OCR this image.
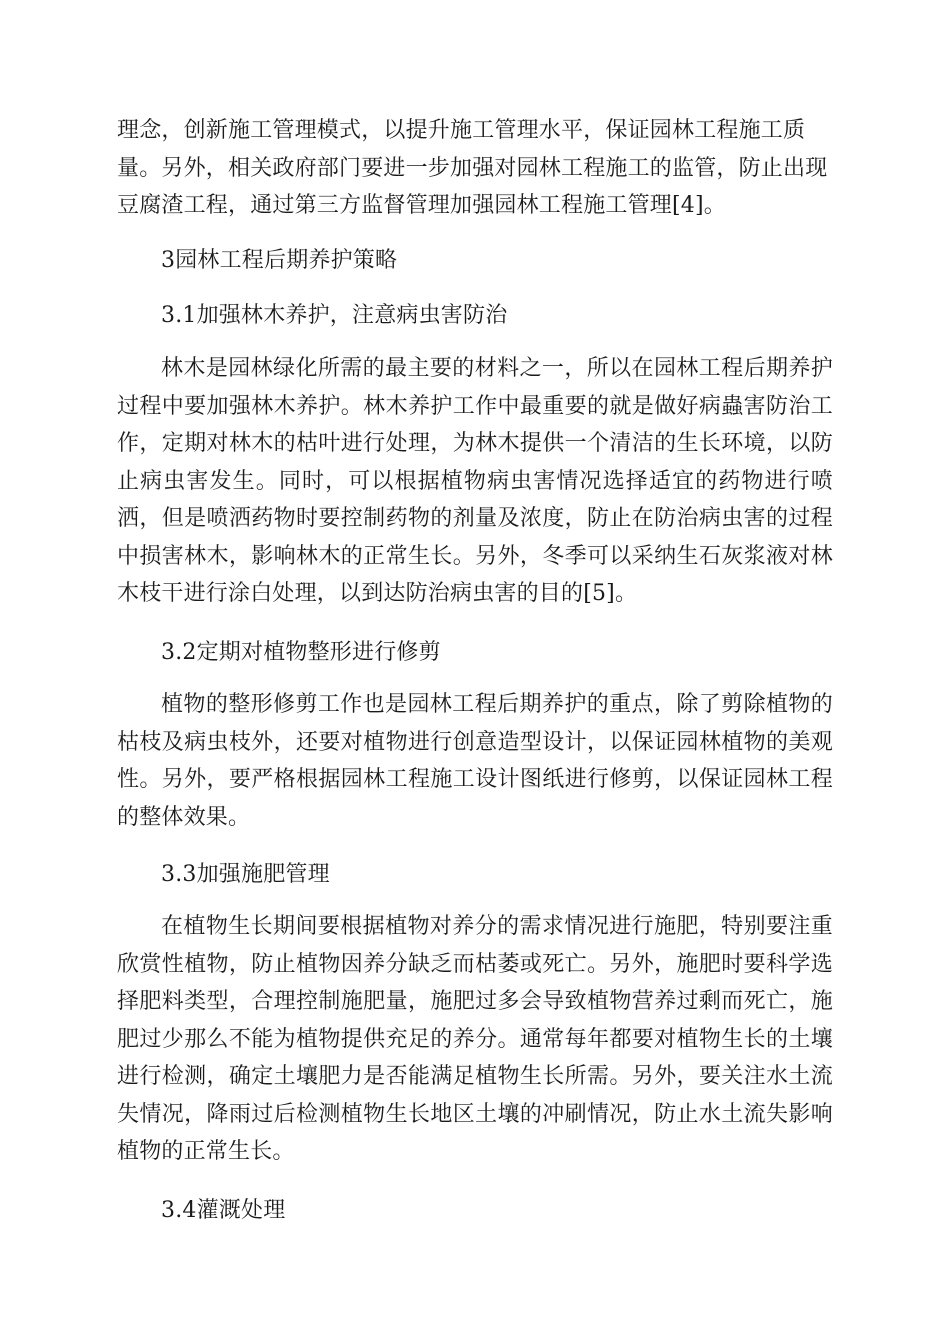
理念，创新施工管理模式，以提升施工管理水平，保证园林工程施工质量。另外，相关政府部门要进一步加强对园林工程施工的监管，防止出现豆腐渣工程，通过第三方监督管理加强园林工程施工管理[4]。

3园林工程后期养护策略

3.1加强林木养护，注意病虫害防治

林木是园林绿化所需的最主要的材料之一，所以在园林工程后期养护过程中要加强林木养护。林木养护工作中最重要的就是做好病蟲害防治工作，定期对林木的枯叶进行处理，为林木提供一个清洁的生长环境，以防止病虫害发生。同时，可以根据植物病虫害情况选择适宜的药物进行喷洒，但是喷洒药物时要控制药物的剂量及浓度，防止在防治病虫害的过程中损害林木，影响林木的正常生长。另外，冬季可以采纳生石灰浆液对林木枝干进行涂白处理，以到达防治病虫害的目的[5]。

3.2定期对植物整形进行修剪

植物的整形修剪工作也是园林工程后期养护的重点，除了剪除植物的枯枝及病虫枝外，还要对植物进行创意造型设计，以保证园林植物的美观性。另外，要严格根据园林工程施工设计图纸进行修剪，以保证园林工程的整体效果。

3.3加强施肥管理

在植物生长期间要根据植物对养分的需求情况进行施肥，特别要注重欣赏性植物，防止植物因养分缺乏而枯萎或死亡。另外，施肥时要科学选择肥料类型，合理控制施肥量，施肥过多会导致植物营养过剩而死亡，施肥过少那么不能为植物提供充足的养分。通常每年都要对植物生长的土壤进行检测，确定土壤肥力是否能满足植物生长所需。另外，要关注水土流失情况，降雨过后检测植物生长地区土壤的冲刷情况，防止水土流失影响植物的正常生长。

3.4灌溉处理
